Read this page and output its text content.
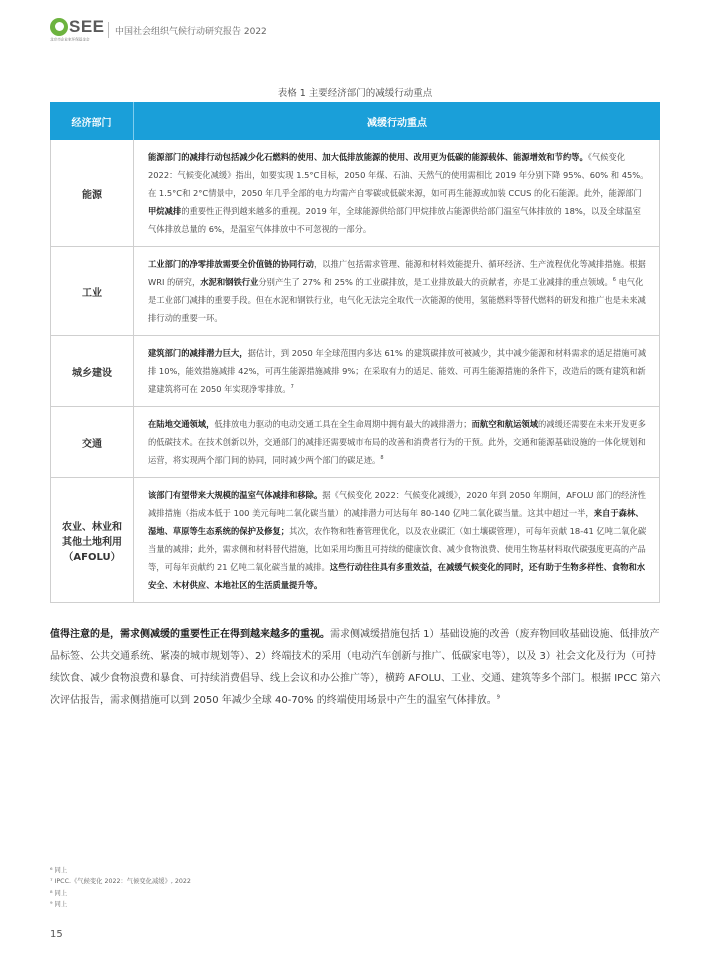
SEE
北京市企业家环保基金会
中国社会组织气候行动研究报告 2022
表格 1 主要经济部门的减缓行动重点
经济部门	减缓行动重点
能源
能源部门的减排行动包括减少化石燃料的使用、加大低排放能源的使用、改用更为低碳的能源载体、能源增效和节约等。《气候变化 2022：气候变化减缓》指出，如要实现 1.5°C目标，2050 年煤、石油、天然气的使用需相比 2019 年分别下降 95%、60% 和 45%。在 1.5°C和 2°C情景中，2050 年几乎全部的电力均需产自零碳或低碳来源，如可再生能源或加装 CCUS 的化石能源。此外，能源部门甲烷减排的重要性正得到越来越多的重视。2019 年，全球能源供给部门甲烷排放占能源供给部门温室气体排放的 18%，以及全球温室气体排放总量的 6%，是温室气体排放中不可忽视的一部分。
工业
工业部门的净零排放需要全价值链的协同行动，以推广包括需求管理、能源和材料效能提升、循环经济、生产流程优化等减排措施。根据 WRI 的研究，水泥和钢铁行业分别产生了 27% 和 25% 的工业碳排放，是工业排放最大的贡献者，亦是工业减排的重点领域。$^6$ 电气化是工业部门减排的重要手段。但在水泥和钢铁行业，电气化无法完全取代一次能源的使用，氢能燃料等替代燃料的研发和推广也是未来减排行动的重要一环。
城乡建设
建筑部门的减排潜力巨大，据估计，到 2050 年全球范围内多达 61% 的建筑碳排放可被减少，其中减少能源和材料需求的适足措施可减排 10%，能效措施减排 42%，可再生能源措施减排 9%；在采取有力的适足、能效、可再生能源措施的条件下，改造后的既有建筑和新建建筑将可在 2050 年实现净零排放。$^7$
交通
在陆地交通领域，低排放电力驱动的电动交通工具在全生命周期中拥有最大的减排潜力；而航空和航运领域的减缓还需要在未来开发更多的低碳技术。在技术创新以外，交通部门的减排还需要城市布局的改善和消费者行为的干预。此外，交通和能源基础设施的一体化规划和运营，将实现两个部门间的协同，同时减少两个部门的碳足迹。$^8$
农业、林业和
其他土地利用
（AFOLU）
该部门有望带来大规模的温室气体减排和移除。据《气候变化 2022：气候变化减缓》，2020 年到 2050 年期间，AFOLU 部门的经济性减排措施（指成本低于 100 美元每吨二氧化碳当量）的减排潜力可达每年 80-140 亿吨二氧化碳当量。这其中超过一半，来自于森林、湿地、草原等生态系统的保护及修复；其次，农作物和牲畜管理优化，以及农业碳汇（如土壤碳管理），可每年贡献 18-41 亿吨二氧化碳当量的减排；此外，需求侧和材料替代措施，比如采用均衡且可持续的健康饮食、减少食物浪费、使用生物基材料取代碳强度更高的产品等，可每年贡献约 21 亿吨二氧化碳当量的减排。这些行动往往具有多重效益，在减缓气候变化的同时，还有助于生物多样性、食物和水安全、木材供应、本地社区的生活质量提升等。
值得注意的是，需求侧减缓的重要性正在得到越来越多的重视。需求侧减缓措施包括 1）基础设施的改善（废弃物回收基础设施、低排放产品标签、公共交通系统、紧凑的城市规划等）、2）终端技术的采用（电动汽车创新与推广、低碳家电等），以及 3）社会文化及行为（可持续饮食、减少食物浪费和暴食、可持续消费倡导、线上会议和办公推广等），横跨 AFOLU、工业、交通、建筑等多个部门。根据 IPCC 第六次评估报告，需求侧措施可以到 2050 年减少全球 40-70% 的终端使用场景中产生的温室气体排放。$^9$
⁶ 同上
⁷ IPCC.《气候变化 2022：气候变化减缓》, 2022
⁸ 同上
⁹ 同上
15
